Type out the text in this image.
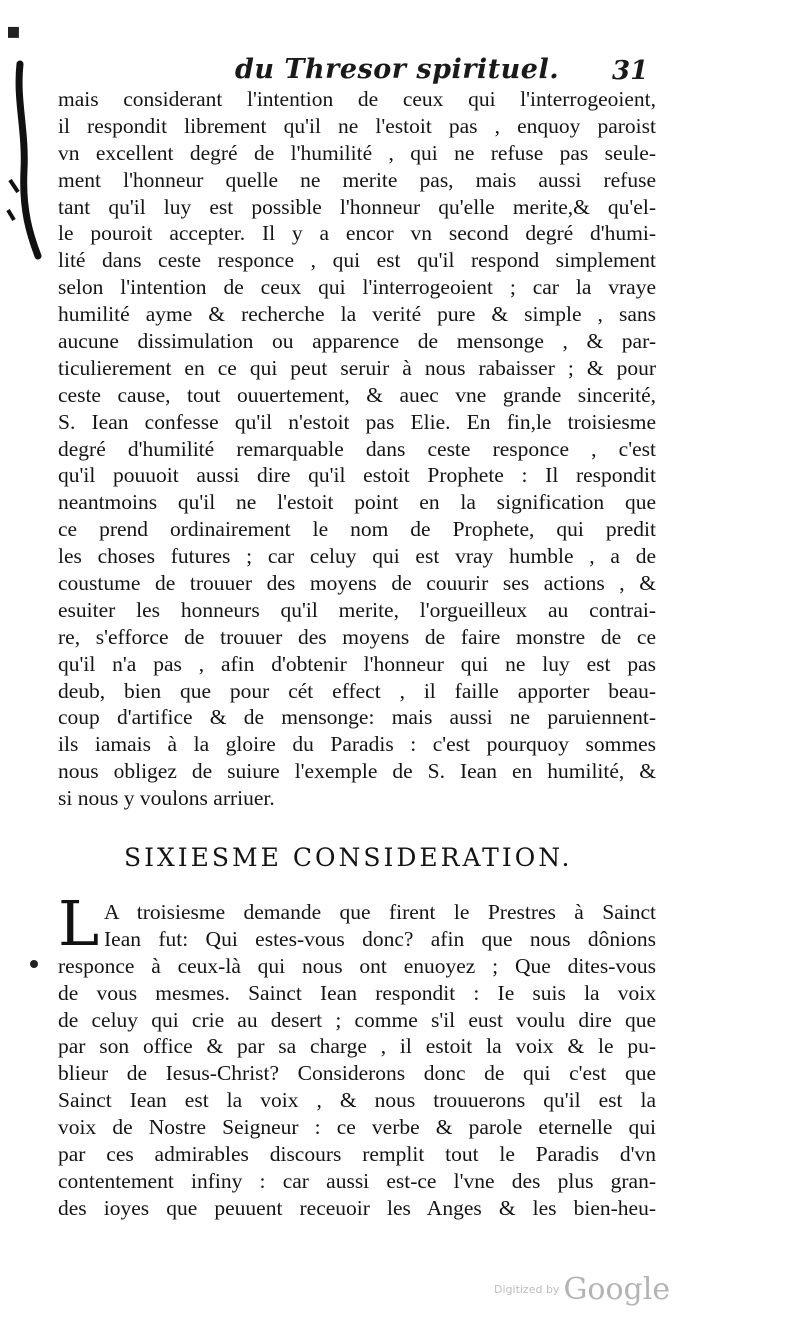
▪
du Thresor spirituel. 31
mais considerant l'intention de ceux qui l'interrogeoient,
il respondit librement qu'il ne l'estoit pas , enquoy paroist
vn excellent degré de l'humilité , qui ne refuse pas seule-
ment l'honneur quelle ne merite pas, mais aussi refuse
tant qu'il luy est possible l'honneur qu'elle merite,& qu'el-
le pouroit accepter. Il y a encor vn second degré d'humi-
lité dans ceste responce , qui est qu'il respond simplement
selon l'intention de ceux qui l'interrogeoient ; car la vraye
humilité ayme & recherche la verité pure & simple , sans
aucune dissimulation ou apparence de mensonge , & par-
ticulierement en ce qui peut seruir à nous rabaisser ; & pour
ceste cause, tout ouuertement, & auec vne grande sincerité,
S. Iean confesse qu'il n'estoit pas Elie. En fin,le troisiesme
degré d'humilité remarquable dans ceste responce , c'est
qu'il pouuoit aussi dire qu'il estoit Prophete : Il respondit
neantmoins qu'il ne l'estoit point en la signification que
ce prend ordinairement le nom de Prophete, qui predit
les choses futures ; car celuy qui est vray humble , a de
coustume de trouuer des moyens de couurir ses actions , &
esuiter les honneurs qu'il merite, l'orgueilleux au contrai-
re, s'efforce de trouuer des moyens de faire monstre de ce
qu'il n'a pas , afin d'obtenir l'honneur qui ne luy est pas
deub, bien que pour cét effect , il faille apporter beau-
coup d'artifice & de mensonge: mais aussi ne paruiennent-
ils iamais à la gloire du Paradis : c'est pourquoy sommes
nous obligez de suiure l'exemple de S. Iean en humilité, &
si nous y voulons arriuer.
SIXIESME CONSIDERATION.
L A troisiesme demande que firent le Prestres à Sainct
Iean fut: Qui estes-vous donc? afin que nous dônions
responce à ceux-là qui nous ont enuoyez ; Que dites-vous
de vous mesmes. Sainct Iean respondit : Ie suis la voix
de celuy qui crie au desert ; comme s'il eust voulu dire que
par son office & par sa charge , il estoit la voix & le pu-
blieur de Iesus-Christ? Considerons donc de qui c'est que
Sainct Iean est la voix , & nous trouuerons qu'il est la
voix de Nostre Seigneur : ce verbe & parole eternelle qui
par ces admirables discours remplit tout le Paradis d'vn
contentement infiny : car aussi est-ce l'vne des plus gran-
des ioyes que peuuent receuoir les Anges & les bien-heu-
Digitized by Google
